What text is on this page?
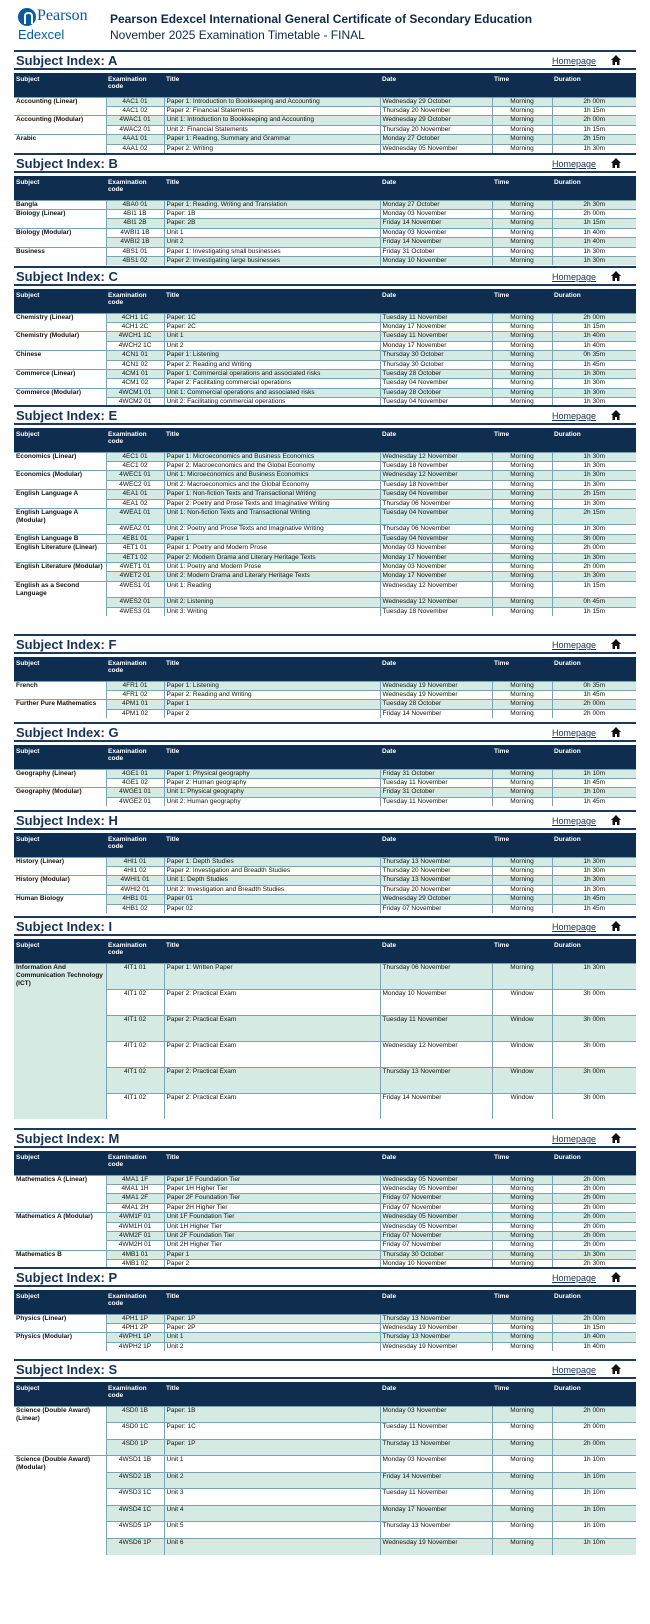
Pearson
Edexcel
Pearson Edexcel International General Certificate of Secondary Education
November 2025 Examination Timetable - FINAL
Subject Index: A	Homepage
Subject	Examination code	Title	Date	Time	Duration
Accounting (Linear)	4AC1 01	Paper 1: Introduction to Bookkeeping and Accounting	Wednesday 29 October	Morning	2h 00m
	4AC1 02	Paper 2: Financial Statements	Thursday 20 November	Morning	1h 15m
Accounting (Modular)	4WAC1 01	Unit 1: Introduction to Bookkeeping and Accounting	Wednesday 29 October	Morning	2h 00m
	4WAC2 01	Unit 2: Financial Statements	Thursday 20 November	Morning	1h 15m
Arabic	4AA1 01	Paper 1: Reading, Summary and Grammar	Monday 27 October	Morning	2h 15m
	4AA1 02	Paper 2: Writing	Wednesday 05 November	Morning	1h 30m
Subject Index: B	Homepage
Subject	Examination code	Title	Date	Time	Duration
Bangla	4BA0 01	Paper 1: Reading, Writing and Translation	Monday 27 October	Morning	2h 30m
Biology (Linear)	4BI1 1B	Paper: 1B	Monday 03 November	Morning	2h 00m
	4BI1 2B	Paper: 2B	Friday 14 November	Morning	1h 15m
Biology (Modular)	4WBI1 1B	Unit 1	Monday 03 November	Morning	1h 40m
	4WBI2 1B	Unit 2	Friday 14 November	Morning	1h 40m
Business	4BS1 01	Paper 1: Investigating small businesses	Friday 31 October	Morning	1h 30m
	4BS1 02	Paper 2: Investigating large businesses	Monday 10 November	Morning	1h 30m
Subject Index: C	Homepage
Subject	Examination code	Title	Date	Time	Duration
Chemistry (Linear)	4CH1 1C	Paper: 1C	Tuesday 11 November	Morning	2h 00m
	4CH1 2C	Paper: 2C	Monday 17 November	Morning	1h 15m
Chemistry (Modular)	4WCH1 1C	Unit 1	Tuesday 11 November	Morning	1h 40m
	4WCH2 1C	Unit 2	Monday 17 November	Morning	1h 40m
Chinese	4CN1 01	Paper 1: Listening	Thursday 30 October	Morning	0h 35m
	4CN1 02	Paper 2: Reading and Writing	Thursday 30 October	Morning	1h 45m
Commerce (Linear)	4CM1 01	Paper 1: Commercial operations and associated risks	Tuesday 28 October	Morning	1h 30m
	4CM1 02	Paper 2: Facilitating commercial operations	Tuesday 04 November	Morning	1h 30m
Commerce (Modular)	4WCM1 01	Unit 1: Commercial operations and associated risks	Tuesday 28 October	Morning	1h 30m
	4WCM2 01	Unit 2: Facilitating commercial operations	Tuesday 04 November	Morning	1h 30m
Subject Index: E	Homepage
Subject	Examination code	Title	Date	Time	Duration
Economics (Linear)	4EC1 01	Paper 1: Microeconomics and Business Economics	Wednesday 12 November	Morning	1h 30m
	4EC1 02	Paper 2: Macroeconomics and the Global Economy	Tuesday 18 November	Morning	1h 30m
Economics (Modular)	4WEC1 01	Unit 1: Microeconomics and Business Economics	Wednesday 12 November	Morning	1h 30m
	4WEC2 01	Unit 2: Macroeconomics and the Global Economy	Tuesday 18 November	Morning	1h 30m
English Language A	4EA1 01	Paper 1: Non-fiction Texts and Transactional Writing	Tuesday 04 November	Morning	2h 15m
	4EA1 02	Paper 2: Poetry and Prose Texts and Imaginative Writing	Thursday 06 November	Morning	1h 30m
English Language A (Modular)	4WEA1 01	Unit 1: Non-fiction Texts and Transactional Writing	Tuesday 04 November	Morning	2h 15m
	4WEA2 01	Unit 2: Poetry and Prose Texts and Imaginative Writing	Thursday 06 November	Morning	1h 30m
English Language B	4EB1 01	Paper 1	Tuesday 04 November	Morning	3h 00m
English Literature (Linear)	4ET1 01	Paper 1: Poetry and Modern Prose	Monday 03 November	Morning	2h 00m
	4ET1 02	Paper 2: Modern Drama and Literary Heritage Texts	Monday 17 November	Morning	1h 30m
English Literature (Modular)	4WET1 01	Unit 1: Poetry and Modern Prose	Monday 03 November	Morning	2h 00m
	4WET2 01	Unit 2: Modern Drama and Literary Heritage Texts	Monday 17 November	Morning	1h 30m
English as a Second Language	4WES1 01	Unit 1: Reading	Wednesday 12 November	Morning	1h 15m
	4WES2 01	Unit 2: Listening	Wednesday 12 November	Morning	0h 45m
	4WES3 01	Unit 3: Writing	Tuesday 18 November	Morning	1h 15m
Subject Index: F	Homepage
Subject	Examination code	Title	Date	Time	Duration
French	4FR1 01	Paper 1: Listening	Wednesday 19 November	Morning	0h 35m
	4FR1 02	Paper 2: Reading and Writing	Wednesday 19 November	Morning	1h 45m
Further Pure Mathematics	4PM1 01	Paper 1	Tuesday 28 October	Morning	2h 00m
	4PM1 02	Paper 2	Friday 14 November	Morning	2h 00m
Subject Index: G	Homepage
Subject	Examination code	Title	Date	Time	Duration
Geography (Linear)	4GE1 01	Paper 1: Physical geography	Friday 31 October	Morning	1h 10m
	4GE1 02	Paper 2: Human geography	Tuesday 11 November	Morning	1h 45m
Geography (Modular)	4WGE1 01	Unit 1: Physical geography	Friday 31 October	Morning	1h 10m
	4WGE2 01	Unit 2: Human geography	Tuesday 11 November	Morning	1h 45m
Subject Index: H	Homepage
Subject	Examination code	Title	Date	Time	Duration
History (Linear)	4HI1 01	Paper 1: Depth Studies	Thursday 13 November	Morning	1h 30m
	4HI1 02	Paper 2: Investigation and Breadth Studies	Thursday 20 November	Morning	1h 30m
History (Modular)	4WHI1 01	Unit 1: Depth Studies	Thursday 13 November	Morning	1h 30m
	4WHI2 01	Unit 2: Investigation and Breadth Studies	Thursday 20 November	Morning	1h 30m
Human Biology	4HB1 01	Paper 01	Wednesday 29 October	Morning	1h 45m
	4HB1 02	Paper 02	Friday 07 November	Morning	1h 45m
Subject Index: I	Homepage
Subject	Examination code	Title	Date	Time	Duration
Information And Communication Technology (ICT)	4IT1 01	Paper 1: Written Paper	Thursday 06 November	Morning	1h 30m
	4IT1 02	Paper 2: Practical Exam	Monday 10 November	Window	3h 00m
	4IT1 02	Paper 2: Practical Exam	Tuesday 11 November	Window	3h 00m
	4IT1 02	Paper 2: Practical Exam	Wednesday 12 November	Window	3h 00m
	4IT1 02	Paper 2: Practical Exam	Thursday 13 November	Window	3h 00m
	4IT1 02	Paper 2: Practical Exam	Friday 14 November	Window	3h 00m
Subject Index: M	Homepage
Subject	Examination code	Title	Date	Time	Duration
Mathematics A (Linear)	4MA1 1F	Paper 1F Foundation Tier	Wednesday 05 November	Morning	2h 00m
	4MA1 1H	Paper 1H Higher Tier	Wednesday 05 November	Morning	2h 00m
	4MA1 2F	Paper 2F Foundation Tier	Friday 07 November	Morning	2h 00m
	4MA1 2H	Paper 2H Higher Tier	Friday 07 November	Morning	2h 00m
Mathematics A (Modular)	4WM1F 01	Unit 1F Foundation Tier	Wednesday 05 November	Morning	2h 00m
	4WM1H 01	Unit 1H Higher Tier	Wednesday 05 November	Morning	2h 00m
	4WM2F 01	Unit 2F Foundation Tier	Friday 07 November	Morning	2h 00m
	4WM2H 01	Unit 2H Higher Tier	Friday 07 November	Morning	2h 00m
Mathematics B	4MB1 01	Paper 1	Thursday 30 October	Morning	1h 30m
	4MB1 02	Paper 2	Monday 10 November	Morning	2h 30m
Subject Index: P	Homepage
Subject	Examination code	Title	Date	Time	Duration
Physics (Linear)	4PH1 1P	Paper: 1P	Thursday 13 November	Morning	2h 00m
	4PH1 2P	Paper: 2P	Wednesday 19 November	Morning	1h 15m
Physics (Modular)	4WPH1 1P	Unit 1	Thursday 13 November	Morning	1h 40m
	4WPH2 1P	Unit 2	Wednesday 19 November	Morning	1h 40m
Subject Index: S	Homepage
Subject	Examination code	Title	Date	Time	Duration
Science (Double Award) (Linear)	4SD0 1B	Paper: 1B	Monday 03 November	Morning	2h 00m
	4SD0 1C	Paper: 1C	Tuesday 11 November	Morning	2h 00m
	4SD0 1P	Paper: 1P	Thursday 13 November	Morning	2h 00m
Science (Double Award) (Modular)	4WSD1 1B	Unit 1	Monday 03 November	Morning	1h 10m
	4WSD2 1B	Unit 2	Friday 14 November	Morning	1h 10m
	4WSD3 1C	Unit 3	Tuesday 11 November	Morning	1h 10m
	4WSD4 1C	Unit 4	Monday 17 November	Morning	1h 10m
	4WSD5 1P	Unit 5	Thursday 13 November	Morning	1h 10m
	4WSD6 1P	Unit 6	Wednesday 19 November	Morning	1h 10m
